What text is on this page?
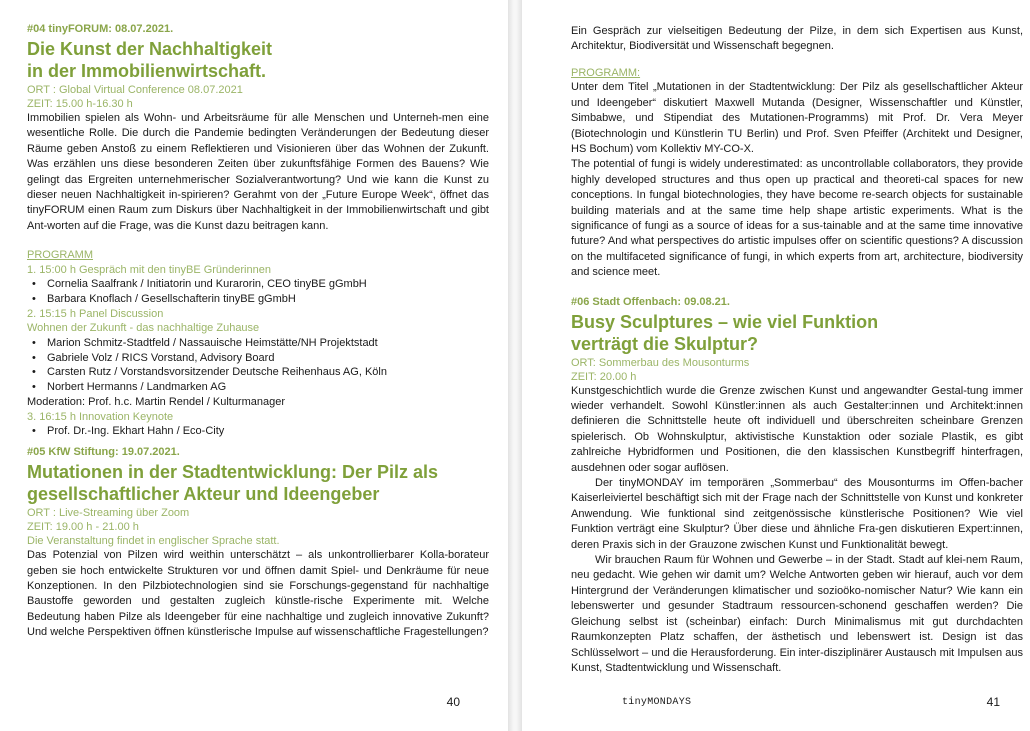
#04 tinyFORUM: 08.07.2021.
Die Kunst der Nachhaltigkeit
in der Immobilienwirtschaft.
ORT : Global Virtual Conference 08.07.2021
ZEIT: 15.00 h-16.30 h

Immobilien spielen als Wohn- und Arbeitsräume für alle Menschen und Unterneh-men eine wesentliche Rolle. Die durch die Pandemie bedingten Veränderungen der Bedeutung dieser Räume geben Anstoß zu einem Reflektieren und Visionieren über das Wohnen der Zukunft. Was erzählen uns diese besonderen Zeiten über zukunftsfähige Formen des Bauens? Wie gelingt das Ergreiten unternehmerischer Sozialverantwortung? Und wie kann die Kunst zu dieser neuen Nachhaltigkeit in-spirieren? Gerahmt von der „Future Europe Week“, öffnet das tinyFORUM einen Raum zum Diskurs über Nachhaltigkeit in der Immobilienwirtschaft und gibt Ant-worten auf die Frage, was die Kunst dazu beitragen kann.

PROGRAMM
1. 15:00 h Gespräch mit den tinyBE Gründerinnen
• Cornelia Saalfrank / Initiatorin und Kurarorin, CEO tinyBE gGmbH
• Barbara Knoflach / Gesellschafterin tinyBE gGmbH
2. 15:15 h Panel Discussion
Wohnen der Zukunft - das nachhaltige Zuhause
• Marion Schmitz-Stadtfeld / Nassauische Heimstätte/NH Projektstadt
• Gabriele Volz / RICS Vorstand, Advisory Board
• Carsten Rutz / Vorstandsvorsitzender Deutsche Reihenhaus AG, Köln
• Norbert Hermanns / Landmarken AG
Moderation: Prof. h.c. Martin Rendel / Kulturmanager
3. 16:15 h Innovation Keynote
• Prof. Dr.-Ing. Ekhart Hahn / Eco-City
#05 KfW Stiftung: 19.07.2021.
Mutationen in der Stadtentwicklung: Der Pilz als
gesellschaftlicher Akteur und Ideengeber
ORT : Live-Streaming über Zoom
ZEIT: 19.00 h - 21.00 h
Die Veranstaltung findet in englischer Sprache statt.

Das Potenzial von Pilzen wird weithin unterschätzt – als unkontrollierbarer Kolla-borateur geben sie hoch entwickelte Strukturen vor und öffnen damit Spiel- und Denkräume für neue Konzeptionen. In den Pilzbiotechnologien sind sie Forschungs-gegenstand für nachhaltige Baustoffe geworden und gestalten zugleich künstle-rische Experimente mit. Welche Bedeutung haben Pilze als Ideengeber für eine nachhaltige und zugleich innovative Zukunft? Und welche Perspektiven öffnen künstlerische Impulse auf wissenschaftliche Fragestellungen?

40

Ein Gespräch zur vielseitigen Bedeutung der Pilze, in dem sich Expertisen aus Kunst, Architektur, Biodiversität und Wissenschaft begegnen.

PROGRAMM:

Unter dem Titel „Mutationen in der Stadtentwicklung: Der Pilz als gesellschaftlicher Akteur und Ideengeber“ diskutiert Maxwell Mutanda (Designer, Wissenschaftler und Künstler, Simbabwe, und Stipendiat des Mutationen-Programms) mit Prof. Dr. Vera Meyer (Biotechnologin und Künstlerin TU Berlin) und Prof. Sven Pfeiffer (Architekt und Designer, HS Bochum) vom Kollektiv MY-CO-X.

The potential of fungi is widely underestimated: as uncontrollable collaborators, they provide highly developed structures and thus open up practical and theoreti-cal spaces for new conceptions. In fungal biotechnologies, they have become re-search objects for sustainable building materials and at the same time help shape artistic experiments. What is the significance of fungi as a source of ideas for a sus-tainable and at the same time innovative future? And what perspectives do artistic impulses offer on scientific questions? A discussion on the multifaceted significance of fungi, in which experts from art, architecture, biodiversity and science meet.

#06 Stadt Offenbach: 09.08.21.
Busy Sculptures – wie viel Funktion
verträgt die Skulptur?
ORT: Sommerbau des Mousonturms
ZEIT: 20.00 h

Kunstgeschichtlich wurde die Grenze zwischen Kunst und angewandter Gestal-tung immer wieder verhandelt. Sowohl Künstler:innen als auch Gestalter:innen und Architekt:innen definieren die Schnittstelle heute oft individuell und überschreiten scheinbare Grenzen spielerisch. Ob Wohnskulptur, aktivistische Kunstaktion oder soziale Plastik, es gibt zahlreiche Hybridformen und Positionen, die den klassischen Kunstbegriff hinterfragen, ausdehnen oder sogar auflösen.

Der tinyMONDAY im temporären „Sommerbau“ des Mousonturms im Offen-bacher Kaiserleiviertel beschäftigt sich mit der Frage nach der Schnittstelle von Kunst und konkreter Anwendung. Wie funktional sind zeitgenössische künstlerische Positionen? Wie viel Funktion verträgt eine Skulptur? Über diese und ähnliche Fra-gen diskutieren Expert:innen, deren Praxis sich in der Grauzone zwischen Kunst und Funktionalität bewegt.

Wir brauchen Raum für Wohnen und Gewerbe – in der Stadt. Stadt auf klei-nem Raum, neu gedacht. Wie gehen wir damit um? Welche Antworten geben wir hierauf, auch vor dem Hintergrund der Veränderungen klimatischer und sozioöko-nomischer Natur? Wie kann ein lebenswerter und gesunder Stadtraum ressourcen-schonend geschaffen werden? Die Gleichung selbst ist (scheinbar) einfach: Durch Minimalismus mit gut durchdachten Raumkonzepten Platz schaffen, der ästhetisch und lebenswert ist. Design ist das Schlüsselwort – und die Herausforderung. Ein inter-disziplinärer Austausch mit Impulsen aus Kunst, Stadtentwicklung und Wissenschaft.

tinyMONDAYS	41
